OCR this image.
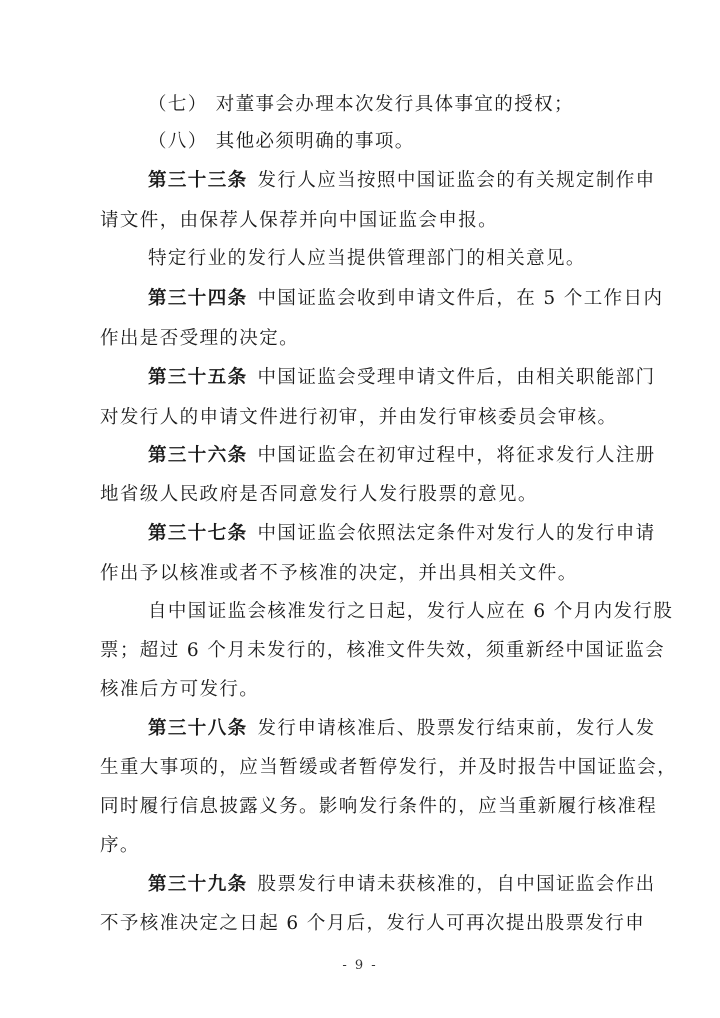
（七） 对董事会办理本次发行具体事宜的授权；
（八） 其他必须明确的事项。
第三十三条 发行人应当按照中国证监会的有关规定制作申
请文件，由保荐人保荐并向中国证监会申报。
特定行业的发行人应当提供管理部门的相关意见。
第三十四条 中国证监会收到申请文件后，在 5 个工作日内
作出是否受理的决定。
第三十五条 中国证监会受理申请文件后，由相关职能部门
对发行人的申请文件进行初审，并由发行审核委员会审核。
第三十六条 中国证监会在初审过程中，将征求发行人注册
地省级人民政府是否同意发行人发行股票的意见。
第三十七条 中国证监会依照法定条件对发行人的发行申请
作出予以核准或者不予核准的决定，并出具相关文件。
自中国证监会核准发行之日起，发行人应在 6 个月内发行股
票；超过 6 个月未发行的，核准文件失效，须重新经中国证监会
核准后方可发行。
第三十八条 发行申请核准后、股票发行结束前，发行人发
生重大事项的，应当暂缓或者暂停发行，并及时报告中国证监会，
同时履行信息披露义务。影响发行条件的，应当重新履行核准程
序。
第三十九条 股票发行申请未获核准的，自中国证监会作出
不予核准决定之日起 6 个月后，发行人可再次提出股票发行申
- 9 -
